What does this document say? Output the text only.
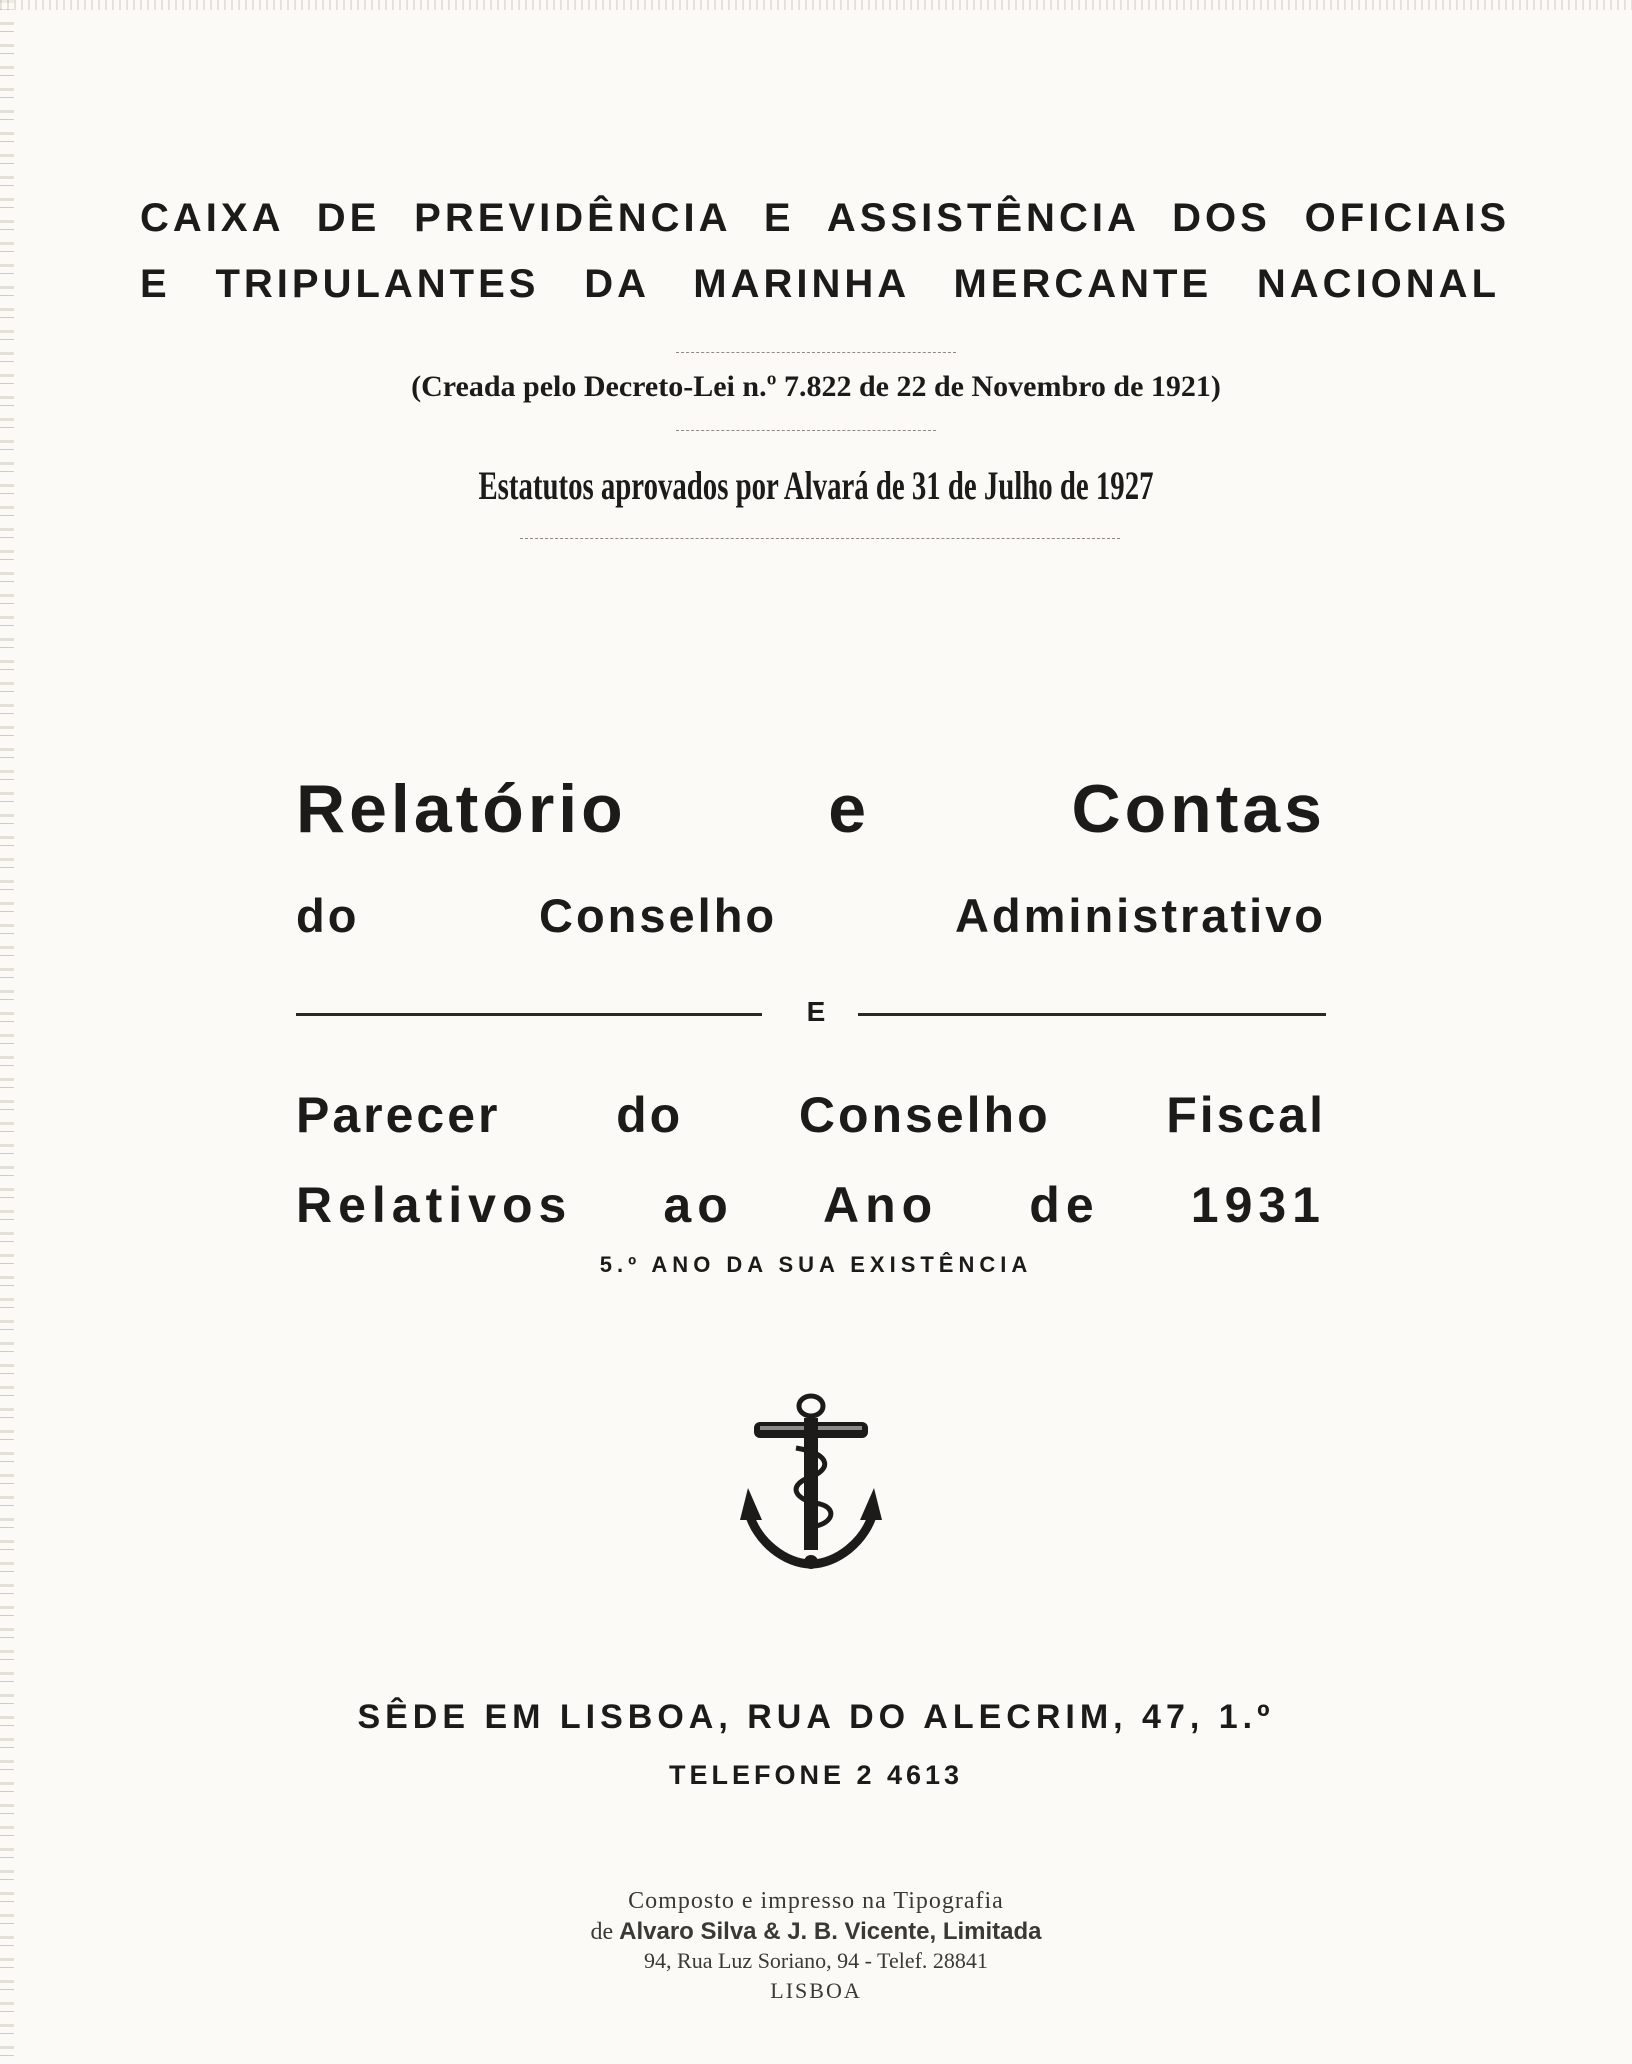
CAIXA DE PREVIDÊNCIA E ASSISTÊNCIA DOS OFICIAIS
E TRIPULANTES DA MARINHA MERCANTE NACIONAL
(Creada pelo Decreto-Lei n.º 7.822 de 22 de Novembro de 1921)
Estatutos aprovados por Alvará de 31 de Julho de 1927
Relatório e Contas
do Conselho Administrativo
E
Parecer do Conselho Fiscal
Relativos ao Ano de 1931
5.º ANO DA SUA EXISTÊNCIA
SÊDE EM LISBOA, RUA DO ALECRIM, 47, 1.º
TELEFONE 2 4613
Composto e impresso na Tipografia
de Alvaro Silva & J. B. Vicente, Limitada
94, Rua Luz Soriano, 94 - Telef. 28841
LISBOA
